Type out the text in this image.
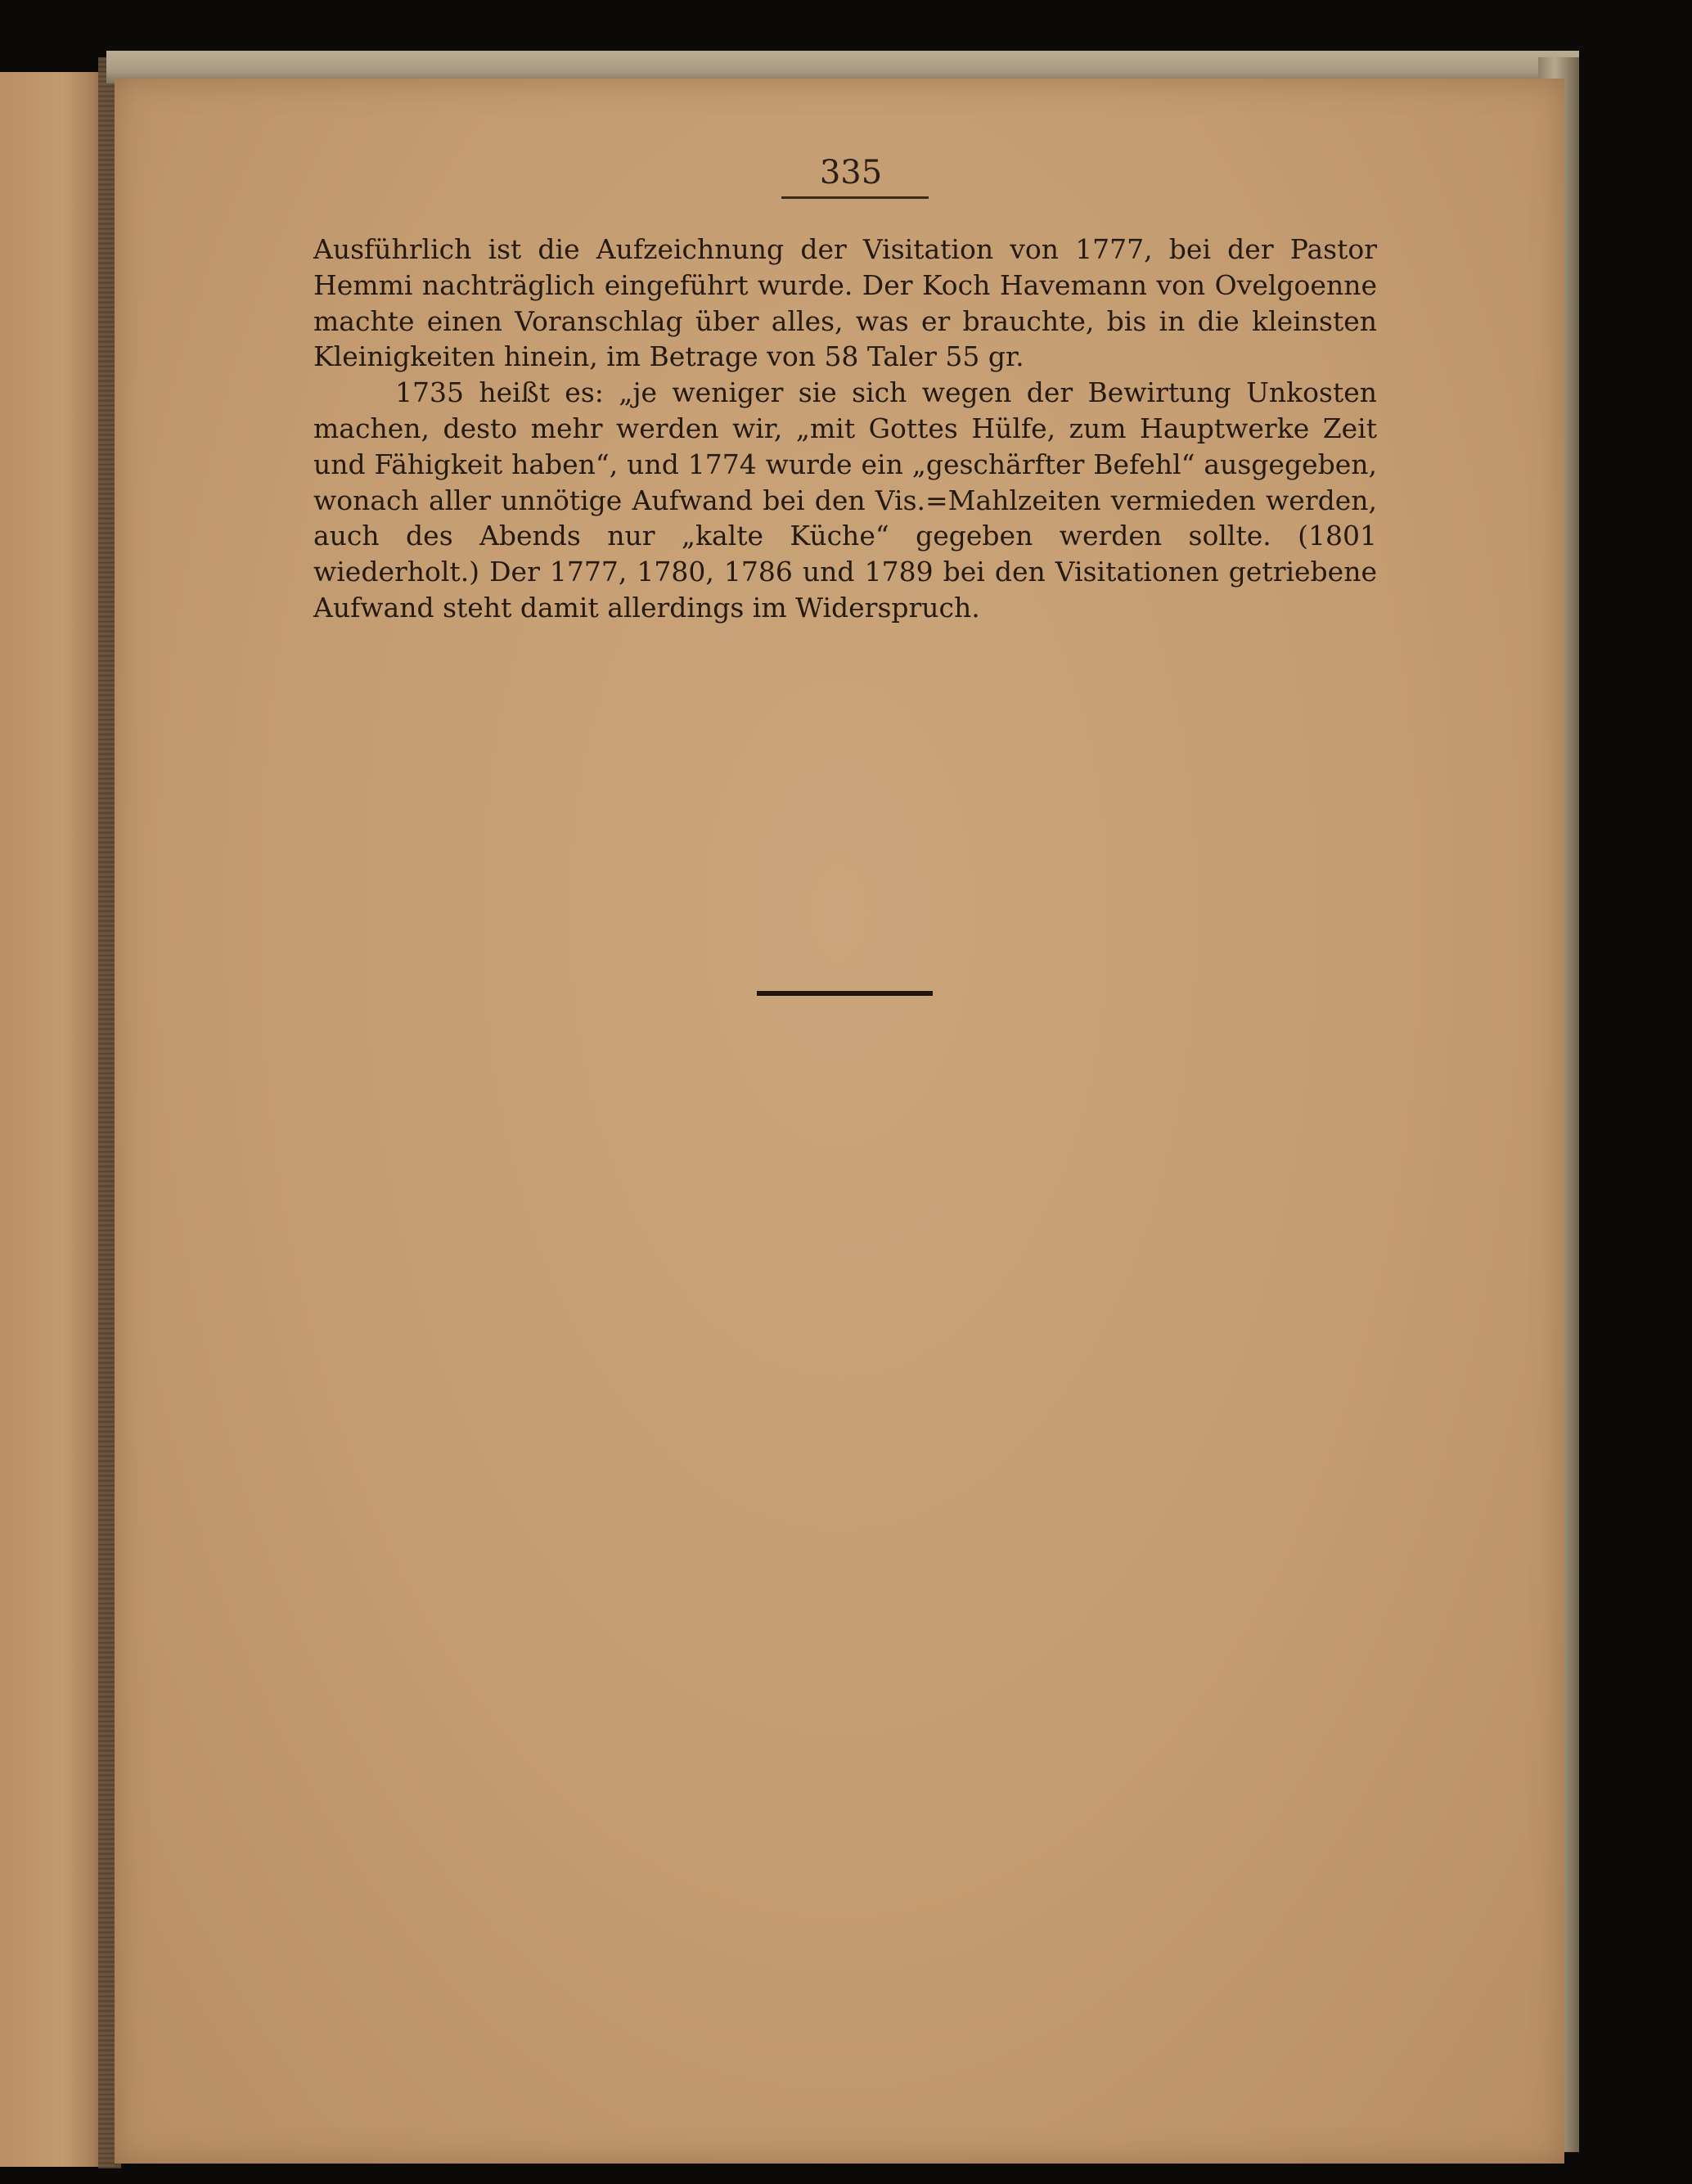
335

Ausführlich ist die Aufzeichnung der Visitation von 1777, bei der Pastor Hemmi nachträglich eingeführt wurde. Der Koch Havemann von Ovelgoenne machte einen Voranschlag über alles, was er brauchte, bis in die kleinsten Kleinigkeiten hinein, im Betrage von 58 Taler 55 gr.

1735 heißt es: „je weniger sie sich wegen der Bewirtung Unkosten machen, desto mehr werden wir, „mit Gottes Hülfe, zum Hauptwerke Zeit und Fähigkeit haben“, und 1774 wurde ein „geschärfter Befehl“ ausgegeben, wonach aller unnötige Aufwand bei den Vis.=Mahlzeiten vermieden werden, auch des Abends nur „kalte Küche“ gegeben werden sollte. (1801 wiederholt.) Der 1777, 1780, 1786 und 1789 bei den Visitationen getriebene Aufwand steht damit allerdings im Widerspruch.
